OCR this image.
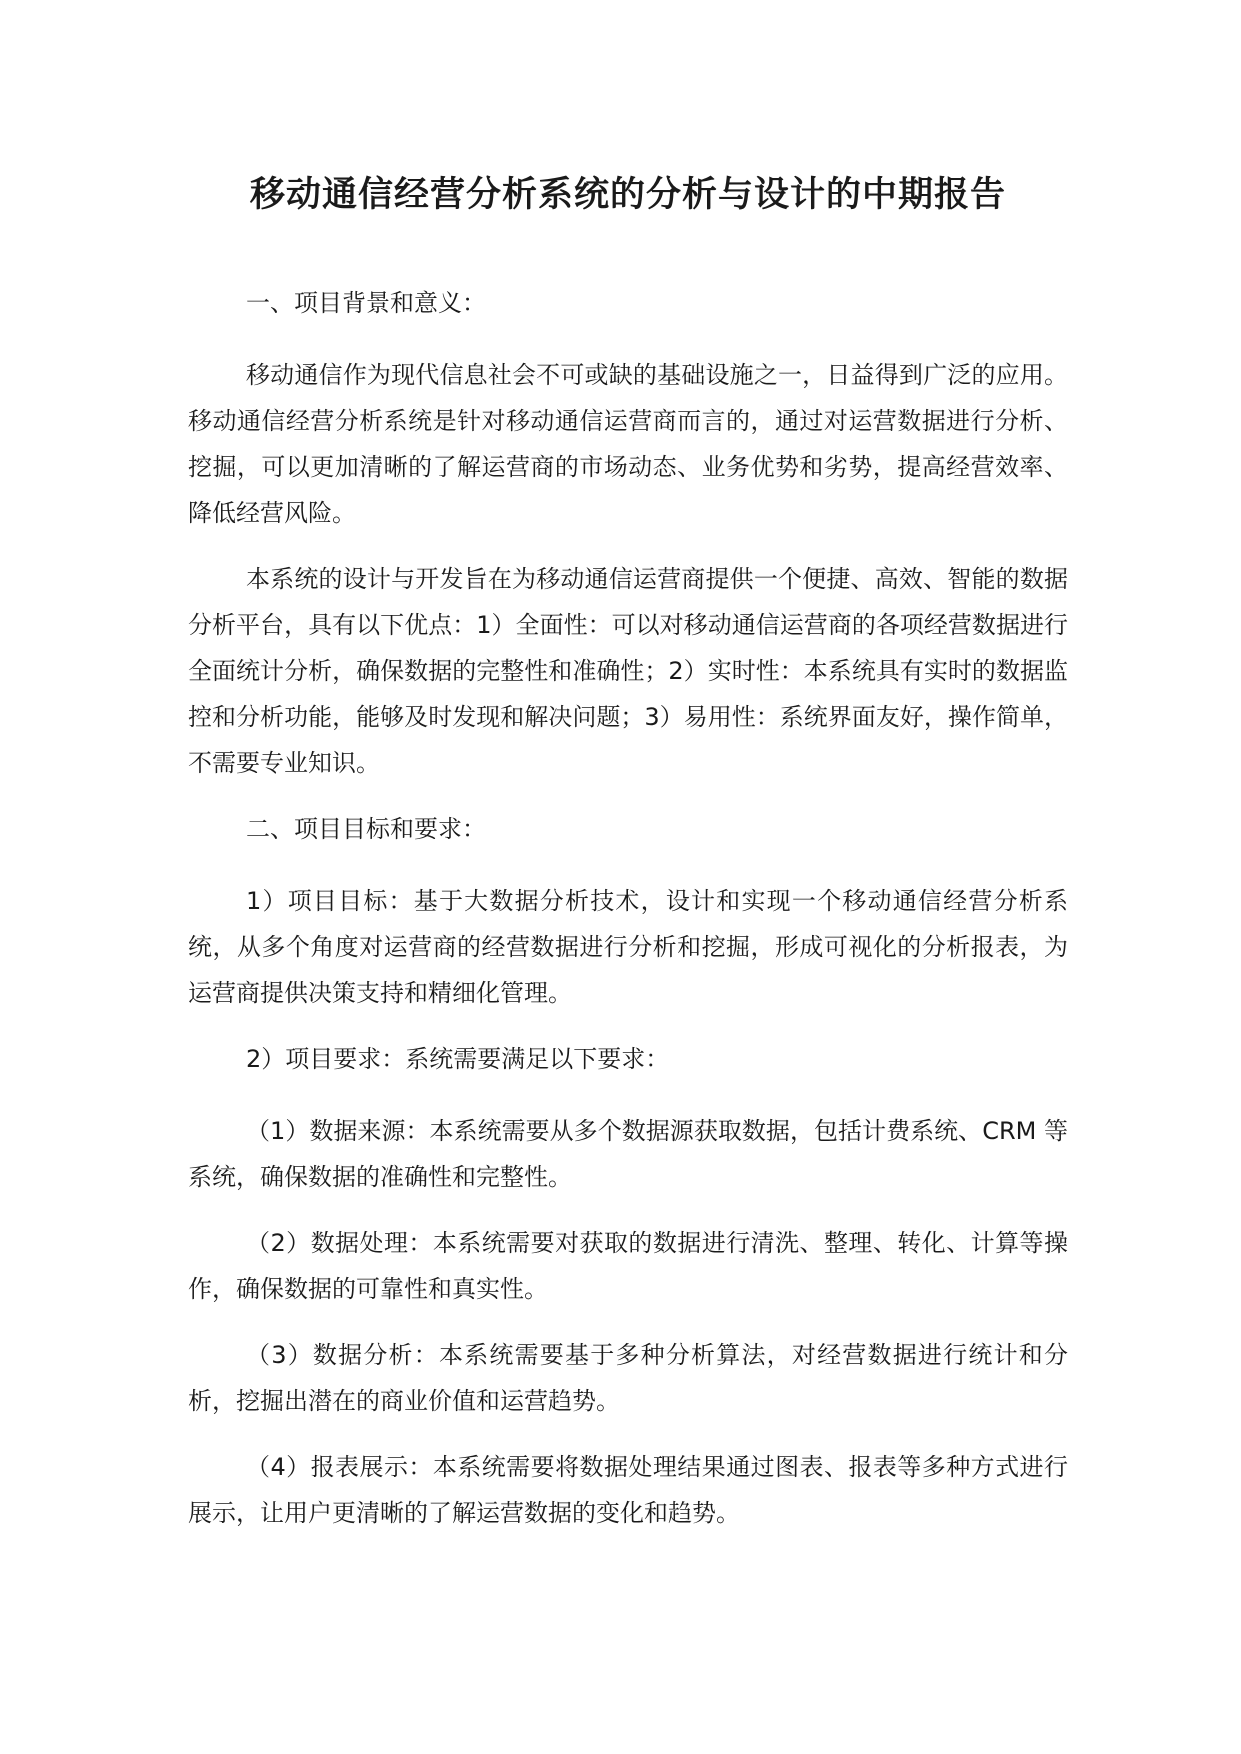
移动通信经营分析系统的分析与设计的中期报告

一、项目背景和意义：

移动通信作为现代信息社会不可或缺的基础设施之一，日益得到广泛的应用。移动通信经营分析系统是针对移动通信运营商而言的，通过对运营数据进行分析、挖掘，可以更加清晰的了解运营商的市场动态、业务优势和劣势，提高经营效率、降低经营风险。

本系统的设计与开发旨在为移动通信运营商提供一个便捷、高效、智能的数据分析平台，具有以下优点：1）全面性：可以对移动通信运营商的各项经营数据进行全面统计分析，确保数据的完整性和准确性；2）实时性：本系统具有实时的数据监控和分析功能，能够及时发现和解决问题；3）易用性：系统界面友好，操作简单，不需要专业知识。

二、项目目标和要求：

1）项目目标：基于大数据分析技术，设计和实现一个移动通信经营分析系统，从多个角度对运营商的经营数据进行分析和挖掘，形成可视化的分析报表，为运营商提供决策支持和精细化管理。

2）项目要求：系统需要满足以下要求：

（1）数据来源：本系统需要从多个数据源获取数据，包括计费系统、CRM 等系统，确保数据的准确性和完整性。

（2）数据处理：本系统需要对获取的数据进行清洗、整理、转化、计算等操作，确保数据的可靠性和真实性。

（3）数据分析：本系统需要基于多种分析算法，对经营数据进行统计和分析，挖掘出潜在的商业价值和运营趋势。

（4）报表展示：本系统需要将数据处理结果通过图表、报表等多种方式进行展示，让用户更清晰的了解运营数据的变化和趋势。
